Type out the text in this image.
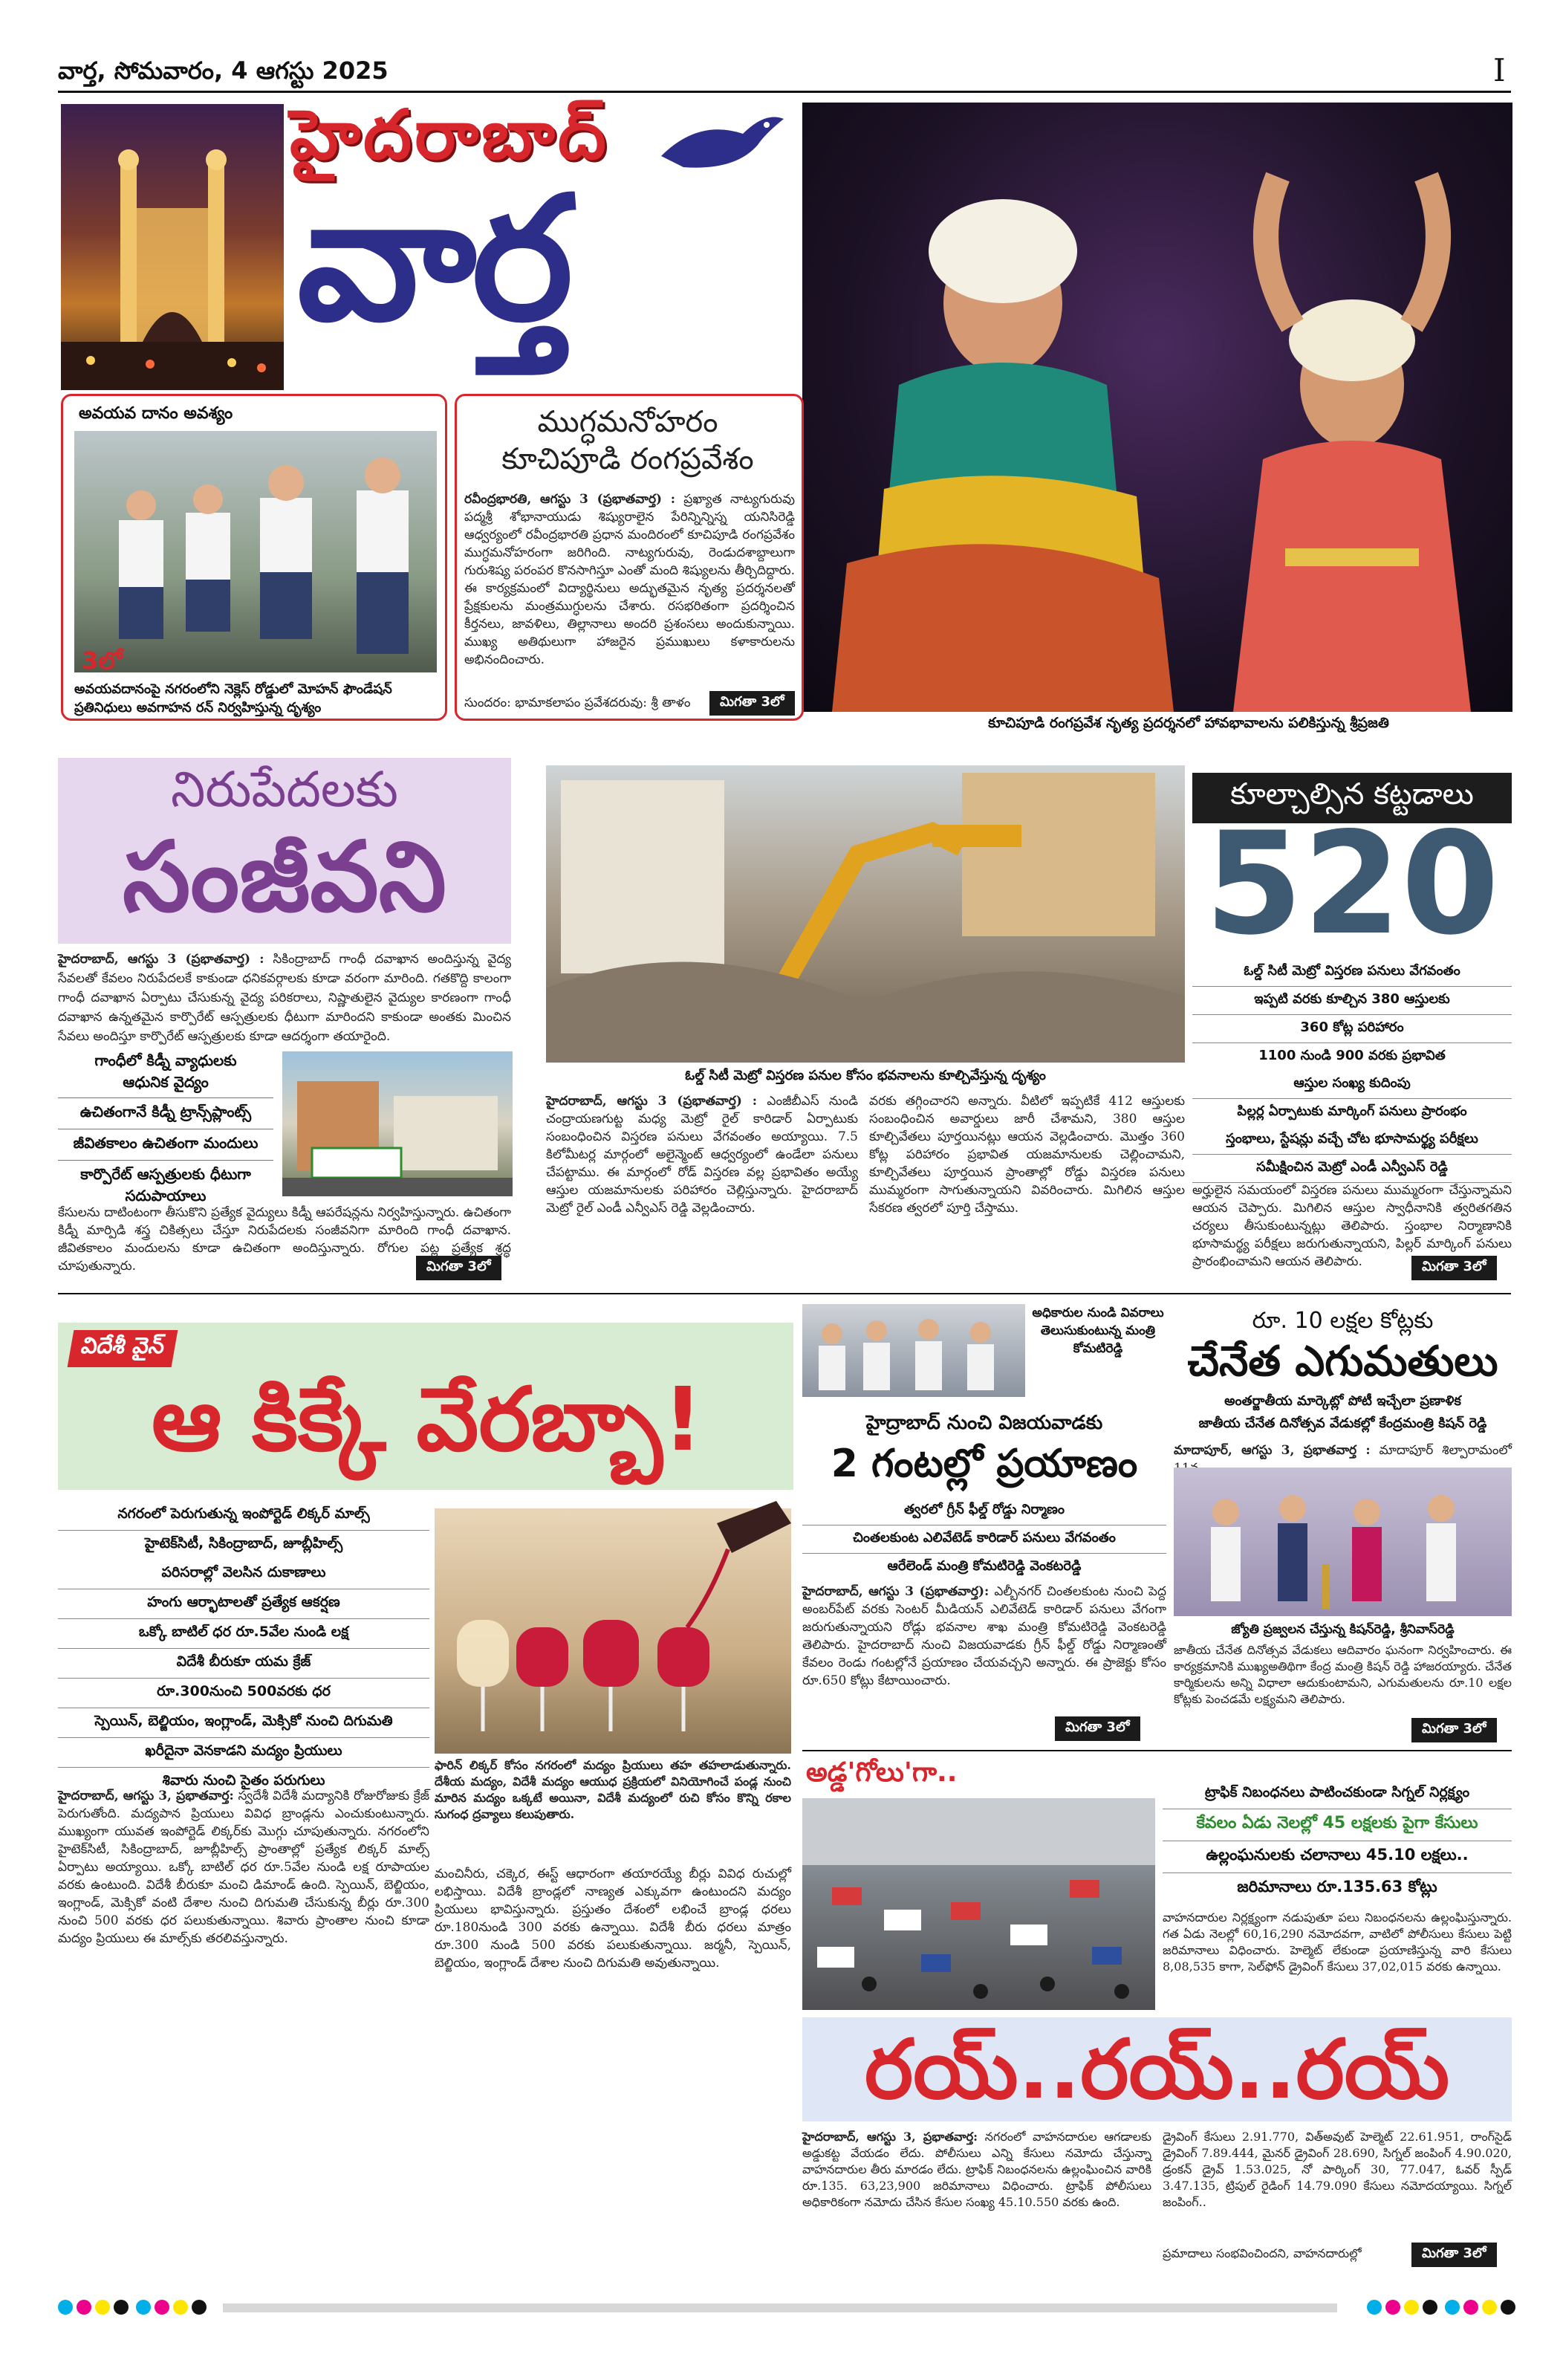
వార్త, సోమవారం, 4 ఆగస్టు 2025	I
హైదరాబాద్
వార్త
కూచిపూడి రంగప్రవేశ నృత్య ప్రదర్శనలో హావభావాలను పలికిస్తున్న శ్రీప్రజతి
అవయవ దానం అవశ్యం
3లో
అవయవదానంపై నగరంలోని నెక్లెస్ రోడ్డులో మోహన్ ఫౌండేషన్ ప్రతినిధులు అవగాహన రన్ నిర్వహిస్తున్న దృశ్యం
ముగ్ధమనోహరం
కూచిపూడి రంగప్రవేశం
రవీంద్రభారతి, ఆగస్టు 3 (ప్రభాతవార్త) : ప్రఖ్యాత నాట్యగురువు పద్మశ్రీ శోభానాయుడు శిష్యురాలైన పేరిన్నిన్నిస్న యనిసిరెడ్డి ఆధ్వర్యంలో రవీంద్రభారతి ప్రధాన మందిరంలో కూచిపూడి రంగప్రవేశం ముగ్ధమనోహరంగా జరిగింది. నాట్యగురువు, రెండుదశాబ్దాలుగా గురుశిష్య పరంపర కొనసాగిస్తూ ఎంతో మంది శిష్యులను తీర్చిదిద్దారు. ఈ కార్యక్రమంలో విద్యార్థినులు అద్భుతమైన నృత్య ప్రదర్శనలతో ప్రేక్షకులను మంత్రముగ్ధులను చేశారు. రసభరితంగా ప్రదర్శించిన కీర్తనలు, జావళిలు, తిల్లానాలు అందరి ప్రశంసలు అందుకున్నాయి. ముఖ్య అతిథులుగా హాజరైన ప్రముఖులు కళాకారులను అభినందించారు.
సుందరం: భామాకలాపం ప్రవేశదరువు: శ్రీ తాళం	మిగతా 3లో
నిరుపేదలకు
సంజీవని
హైదరాబాద్, ఆగస్టు 3 (ప్రభాతవార్త) : సికింద్రాబాద్ గాంధీ దవాఖాన అందిస్తున్న వైద్య సేవలతో కేవలం నిరుపేదలకే కాకుండా ధనికవర్గాలకు కూడా వరంగా మారింది. గతకొద్ది కాలంగా గాంధీ దవాఖాన ఏర్పాటు చేసుకున్న వైద్య పరికరాలు, నిష్ణాతులైన వైద్యుల కారణంగా గాంధీ దవాఖాన ఉన్నతమైన కార్పొరేట్ ఆస్పత్రులకు ధీటుగా మారిందని కాకుండా అంతకు మించిన సేవలు అందిస్తూ కార్పొరేట్ ఆస్పత్రులకు కూడా ఆదర్శంగా తయారైంది.
గాంధీలో కిడ్నీ వ్యాధులకు
ఆధునిక వైద్యం
ఉచితంగానే కిడ్నీ ట్రాన్స్‌ప్లాంట్స్
జీవితకాలం ఉచితంగా మందులు
కార్పొరేట్ ఆస్పత్రులకు ధీటుగా
సదుపాయాలు
కేసులను దాటింటంగా తీసుకొని ప్రత్యేక వైద్యులు కిడ్నీ ఆపరేషన్లను నిర్వహిస్తున్నారు. ఉచితంగా కిడ్నీ మార్పిడి శస్త్ర చికిత్సలు చేస్తూ నిరుపేదలకు సంజీవనిగా మారింది గాంధీ దవాఖాన. జీవితకాలం మందులను కూడా ఉచితంగా అందిస్తున్నారు. రోగుల పట్ల ప్రత్యేక శ్రద్ధ చూపుతున్నారు.	మిగతా 3లో
ఓల్డ్ సిటీ మెట్రో విస్తరణ పనుల కోసం భవనాలను కూల్చివేస్తున్న దృశ్యం
హైదరాబాద్, ఆగస్టు 3 (ప్రభాతవార్త) : ఎంజీబీఎస్ నుండి చంద్రాయణగుట్ట మధ్య మెట్రో రైల్ కారిడార్ ఏర్పాటుకు సంబంధించిన విస్తరణ పనులు వేగవంతం అయ్యాయి. 7.5 కిలోమీటర్ల మార్గంలో అలైన్మెంట్ ఆధ్వర్యంలో ఉండేలా పనులు చేపట్టాము. ఈ మార్గంలో రోడ్ విస్తరణ వల్ల ప్రభావితం అయ్యే ఆస్తుల యజమానులకు పరిహారం చెల్లిస్తున్నారు. హైదరాబాద్ మెట్రో రైల్ ఎండీ ఎన్వీఎస్ రెడ్డి వెల్లడించారు.
వరకు తగ్గించారని అన్నారు. వీటిలో ఇప్పటికే 412 ఆస్తులకు సంబంధించిన అవార్డులు జారీ చేశామని, 380 ఆస్తుల కూల్చివేతలు పూర్తయినట్లు ఆయన వెల్లడించారు. మొత్తం 360 కోట్ల పరిహారం ప్రభావిత యజమానులకు చెల్లించామని, కూల్చివేతలు పూర్తయిన ప్రాంతాల్లో రోడ్డు విస్తరణ పనులు ముమ్మరంగా సాగుతున్నాయని వివరించారు. మిగిలిన ఆస్తుల సేకరణ త్వరలో పూర్తి చేస్తాము.
కూల్చాల్సిన కట్టడాలు
520
ఓల్డ్ సిటీ మెట్రో విస్తరణ పనులు వేగవంతం
ఇప్పటి వరకు కూల్చిన 380 ఆస్తులకు
360 కోట్ల పరిహారం
1100 నుండి 900 వరకు ప్రభావిత
ఆస్తుల సంఖ్య కుదింపు
పిల్లర్ల ఏర్పాటుకు మార్కింగ్ పనులు ప్రారంభం
స్తంభాలు, స్టేషన్లు వచ్చే చోట భూసామర్థ్య పరీక్షలు
సమీక్షించిన మెట్రో ఎండీ ఎన్వీఎస్ రెడ్డి
అర్హులైన సమయంలో విస్తరణ పనులు ముమ్మరంగా చేస్తున్నామని ఆయన చెప్పారు. మిగిలిన ఆస్తుల స్వాధీనానికి త్వరితగతిన చర్యలు తీసుకుంటున్నట్లు తెలిపారు. స్తంభాల నిర్మాణానికి భూసామర్థ్య పరీక్షలు జరుగుతున్నాయని, పిల్లర్ మార్కింగ్ పనులు ప్రారంభించామని ఆయన తెలిపారు.	మిగతా 3లో
విదేశీ వైన్
ఆ కిక్కే వేరబ్బా!
నగరంలో పెరుగుతున్న ఇంపోర్టెడ్ లిక్కర్ మాల్స్
హైటెక్‌సిటీ, సికింద్రాబాద్, జూబ్లీహిల్స్
పరిసరాల్లో వెలసిన దుకాణాలు
హంగు ఆర్భాటాలతో ప్రత్యేక ఆకర్షణ
ఒక్కో బాటిల్ ధర రూ.5వేల నుండి లక్ష
విదేశీ బీరుకూ యమ క్రేజ్
రూ.300నుంచి 500వరకు ధర
స్పెయిన్, బెల్జియం, ఇంగ్లాండ్, మెక్సికో నుంచి దిగుమతి
ఖరీదైనా వెనకాడని మద్యం ప్రియులు
శివారు నుంచి సైతం పరుగులు
ఫారిన్ లిక్కర్ కోసం నగరంలో మద్యం ప్రియులు తహ తహలాడుతున్నారు. దేశీయ మద్యం, విదేశీ మద్యం ఆయుధ ప్రక్రియలో వినియోగించే పండ్ల నుంచి మారిన మద్యం ఒక్కటే అయినా, విదేశీ మద్యంలో రుచి కోసం కొన్ని రకాల సుగంధ ద్రవ్యాలు కలుపుతారు.
హైదరాబాద్, ఆగస్టు 3, ప్రభాతవార్త: స్వదేశీ విదేశీ మద్యానికి రోజురోజుకు క్రేజ్ పెరుగుతోంది. మద్యపాన ప్రియులు వివిధ బ్రాండ్లను ఎంచుకుంటున్నారు. ముఖ్యంగా యువత ఇంపోర్టెడ్ లిక్కర్‌కు మొగ్గు చూపుతున్నారు. నగరంలోని హైటెక్‌సిటీ, సికింద్రాబాద్, జూబ్లీహిల్స్ ప్రాంతాల్లో ప్రత్యేక లిక్కర్ మాల్స్ ఏర్పాటు అయ్యాయి. ఒక్కో బాటిల్ ధర రూ.5వేల నుండి లక్ష రూపాయల వరకు ఉంటుంది. విదేశీ బీరుకూ మంచి డిమాండ్ ఉంది. స్పెయిన్, బెల్జియం, ఇంగ్లాండ్, మెక్సికో వంటి దేశాల నుంచి దిగుమతి చేసుకున్న బీర్లు రూ.300 నుంచి 500 వరకు ధర పలుకుతున్నాయి. శివారు ప్రాంతాల నుంచి కూడా మద్యం ప్రియులు ఈ మాల్స్‌కు తరలివస్తున్నారు.
మంచినీరు, చక్కెర, ఈస్ట్ ఆధారంగా తయారయ్యే బీర్లు వివిధ రుచుల్లో లభిస్తాయి. విదేశీ బ్రాండ్లలో నాణ్యత ఎక్కువగా ఉంటుందని మద్యం ప్రియులు భావిస్తున్నారు. ప్రస్తుతం దేశంలో లభించే బ్రాండ్ల ధరలు రూ.180నుండి 300 వరకు ఉన్నాయి. విదేశీ బీరు ధరలు మాత్రం రూ.300 నుండి 500 వరకు పలుకుతున్నాయి. జర్మనీ, స్పెయిన్, బెల్జియం, ఇంగ్లాండ్ దేశాల నుంచి దిగుమతి అవుతున్నాయి.
అధికారుల నుండి వివరాలు తెలుసుకుంటున్న మంత్రి కోమటిరెడ్డి
హైద్రాబాద్ నుంచి విజయవాడకు
2 గంటల్లో ప్రయాణం
త్వరలో గ్రీన్ ఫీల్డ్ రోడ్డు నిర్మాణం
చింతలకుంట ఎలివేటెడ్ కారిడార్ పనులు వేగవంతం
ఆరేలెండ్ మంత్రి కోమటిరెడ్డి వెంకటరెడ్డి
హైదరాబాద్, ఆగస్టు 3 (ప్రభాతవార్త): ఎల్బీనగర్ చింతలకుంట నుంచి పెద్ద అంబర్‌పేట్ వరకు సెంటర్ మీడియన్ ఎలివేటెడ్ కారిడార్ పనులు వేగంగా జరుగుతున్నాయని రోడ్లు భవనాల శాఖ మంత్రి కోమటిరెడ్డి వెంకటరెడ్డి తెలిపారు. హైదరాబాద్ నుంచి విజయవాడకు గ్రీన్ ఫీల్డ్ రోడ్డు నిర్మాణంతో కేవలం రెండు గంటల్లోనే ప్రయాణం చేయవచ్చని అన్నారు. ఈ ప్రాజెక్టు కోసం రూ.650 కోట్లు కేటాయించారు.
మిగతా 3లో
రూ. 10 లక్షల కోట్లకు
చేనేత ఎగుమతులు
అంతర్జాతీయ మార్కెట్లో పోటీ ఇచ్చేలా ప్రణాళిక
జాతీయ చేనేత దినోత్సవ వేడుకల్లో కేంద్రమంత్రి కిషన్ రెడ్డి
మాదాపూర్, ఆగస్టు 3, ప్రభాతవార్త : మాదాపూర్ శిల్పారామంలో
జ్యోతి ప్రజ్వలన చేస్తున్న కిషన్‌రెడ్డి, శ్రీనివాస్‌రెడ్డి
జాతీయ చేనేత దినోత్సవ వేడుకలు ఆదివారం ఘనంగా నిర్వహించారు. ఈ కార్యక్రమానికి ముఖ్యఅతిథిగా కేంద్ర మంత్రి కిషన్ రెడ్డి హాజరయ్యారు. చేనేత కార్మికులను అన్ని విధాలా ఆదుకుంటామని, ఎగుమతులను రూ.10 లక్షల కోట్లకు పెంచడమే లక్ష్యమని తెలిపారు.
మిగతా 3లో
అడ్డ'గోలు'గా..
ట్రాఫిక్ నిబంధనలు పాటించకుండా సిగ్నల్ నిర్లక్ష్యం
కేవలం ఏడు నెలల్లో 45 లక్షలకు పైగా కేసులు
ఉల్లంఘనులకు చలానాలు 45.10 లక్షలు..
జరిమానాలు రూ.135.63 కోట్లు
వాహనదారుల నిర్లక్ష్యంగా నడుపుతూ పలు నిబంధనలను ఉల్లంఘిస్తున్నారు. గత ఏడు నెలల్లో 60,16,290 నమోదవగా, వాటిలో పోలీసులు కేసులు పెట్టి జరిమానాలు విధించారు. హెల్మెట్ లేకుండా ప్రయాణిస్తున్న వారి కేసులు 8,08,535 కాగా, సెల్‌ఫోన్ డ్రైవింగ్ కేసులు 37,02,015 వరకు ఉన్నాయి.
రయ్..రయ్..రయ్
హైదరాబాద్, ఆగస్టు 3, ప్రభాతవార్త: నగరంలో వాహనదారుల ఆగడాలకు అడ్డుకట్ట వేయడం లేదు. పోలీసులు ఎన్ని కేసులు నమోదు చేస్తున్నా వాహనదారుల తీరు మారడం లేదు. ట్రాఫిక్ నిబంధనలను ఉల్లంఘించిన వారికి రూ.135. 63,23,900 జరిమానాలు విధించారు. ట్రాఫిక్ పోలీసులు అధికారికంగా నమోదు చేసిన కేసుల సంఖ్య 45.10.550 వరకు ఉంది.
డ్రైవింగ్ కేసులు 2.91.770, విత్‌అవుట్ హెల్మెట్ 22.61.951, రాంగ్‌సైడ్ డ్రైవింగ్ 7.89.444, మైనర్ డ్రైవింగ్ 28.690, సిగ్నల్ జంపింగ్ 4.90.020, డ్రంకన్ డ్రైవ్ 1.53.025, నో పార్కింగ్ 30, 77.047, ఓవర్ స్పీడ్ 3.47.135, ట్రిపుల్ రైడింగ్ 14.79.090 కేసులు నమోదయ్యాయి. సిగ్నల్ జంపింగ్..
ప్రమాదాలు సంభవించిందని, వాహనదారుల్లో	మిగతా 3లో
